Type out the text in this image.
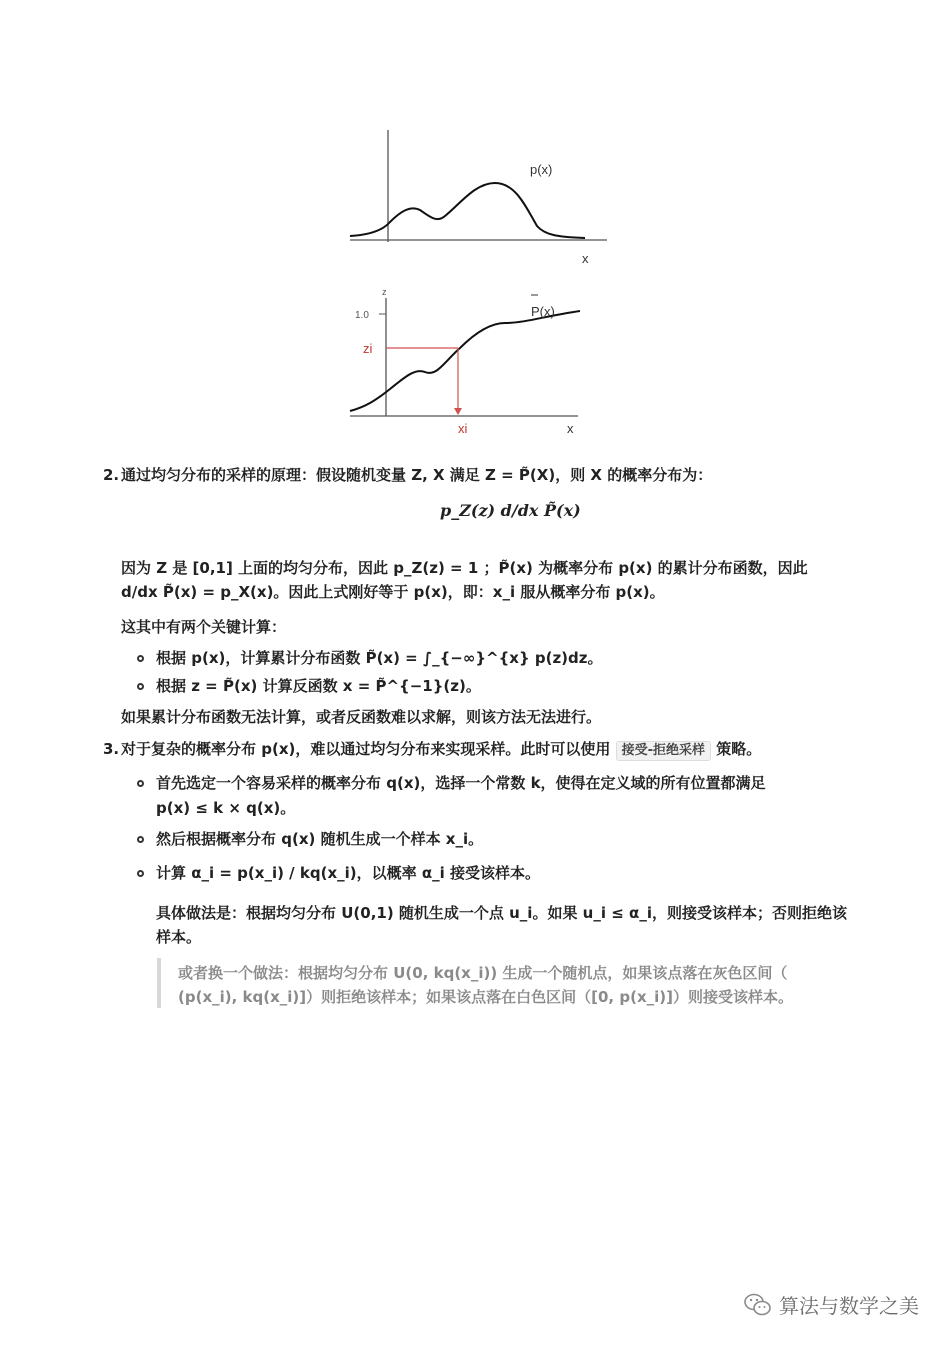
p(x)
x
z
1.0	P(x)
zi
xi	x
2. 通过均匀分布的采样的原理：假设随机变量 Z, X 满足 Z = P̃(X)，则 X 的概率分布为：
p_Z(z) d/dx P̃(x)
因为 Z 是 [0,1] 上面的均匀分布，因此 p_Z(z) = 1 ；P̃(x) 为概率分布 p(x) 的累计分布函数，因此
d/dx P̃(x) = p_X(x)。因此上式刚好等于 p(x)，即：x_i 服从概率分布 p(x)。
这其中有两个关键计算：
根据 p(x)，计算累计分布函数 P̃(x) = ∫_{−∞}^{x} p(z)dz。
根据 z = P̃(x) 计算反函数 x = P̃^{−1}(z)。
如果累计分布函数无法计算，或者反函数难以求解，则该方法无法进行。
3. 对于复杂的概率分布 p(x)，难以通过均匀分布来实现采样。此时可以使用 接受-拒绝采样 策略。
首先选定一个容易采样的概率分布 q(x)，选择一个常数 k，使得在定义域的所有位置都满足
p(x) ≤ k × q(x)。
然后根据概率分布 q(x) 随机生成一个样本 x_i。
计算 α_i = p(x_i) / kq(x_i)，以概率 α_i 接受该样本。
具体做法是：根据均匀分布 U(0,1) 随机生成一个点 u_i。如果 u_i ≤ α_i，则接受该样本；否则拒绝该
样本。
或者换一个做法：根据均匀分布 U(0, kq(x_i)) 生成一个随机点，如果该点落在灰色区间（
(p(x_i), kq(x_i)]）则拒绝该样本；如果该点落在白色区间（[0, p(x_i)]）则接受该样本。
算法与数学之美
